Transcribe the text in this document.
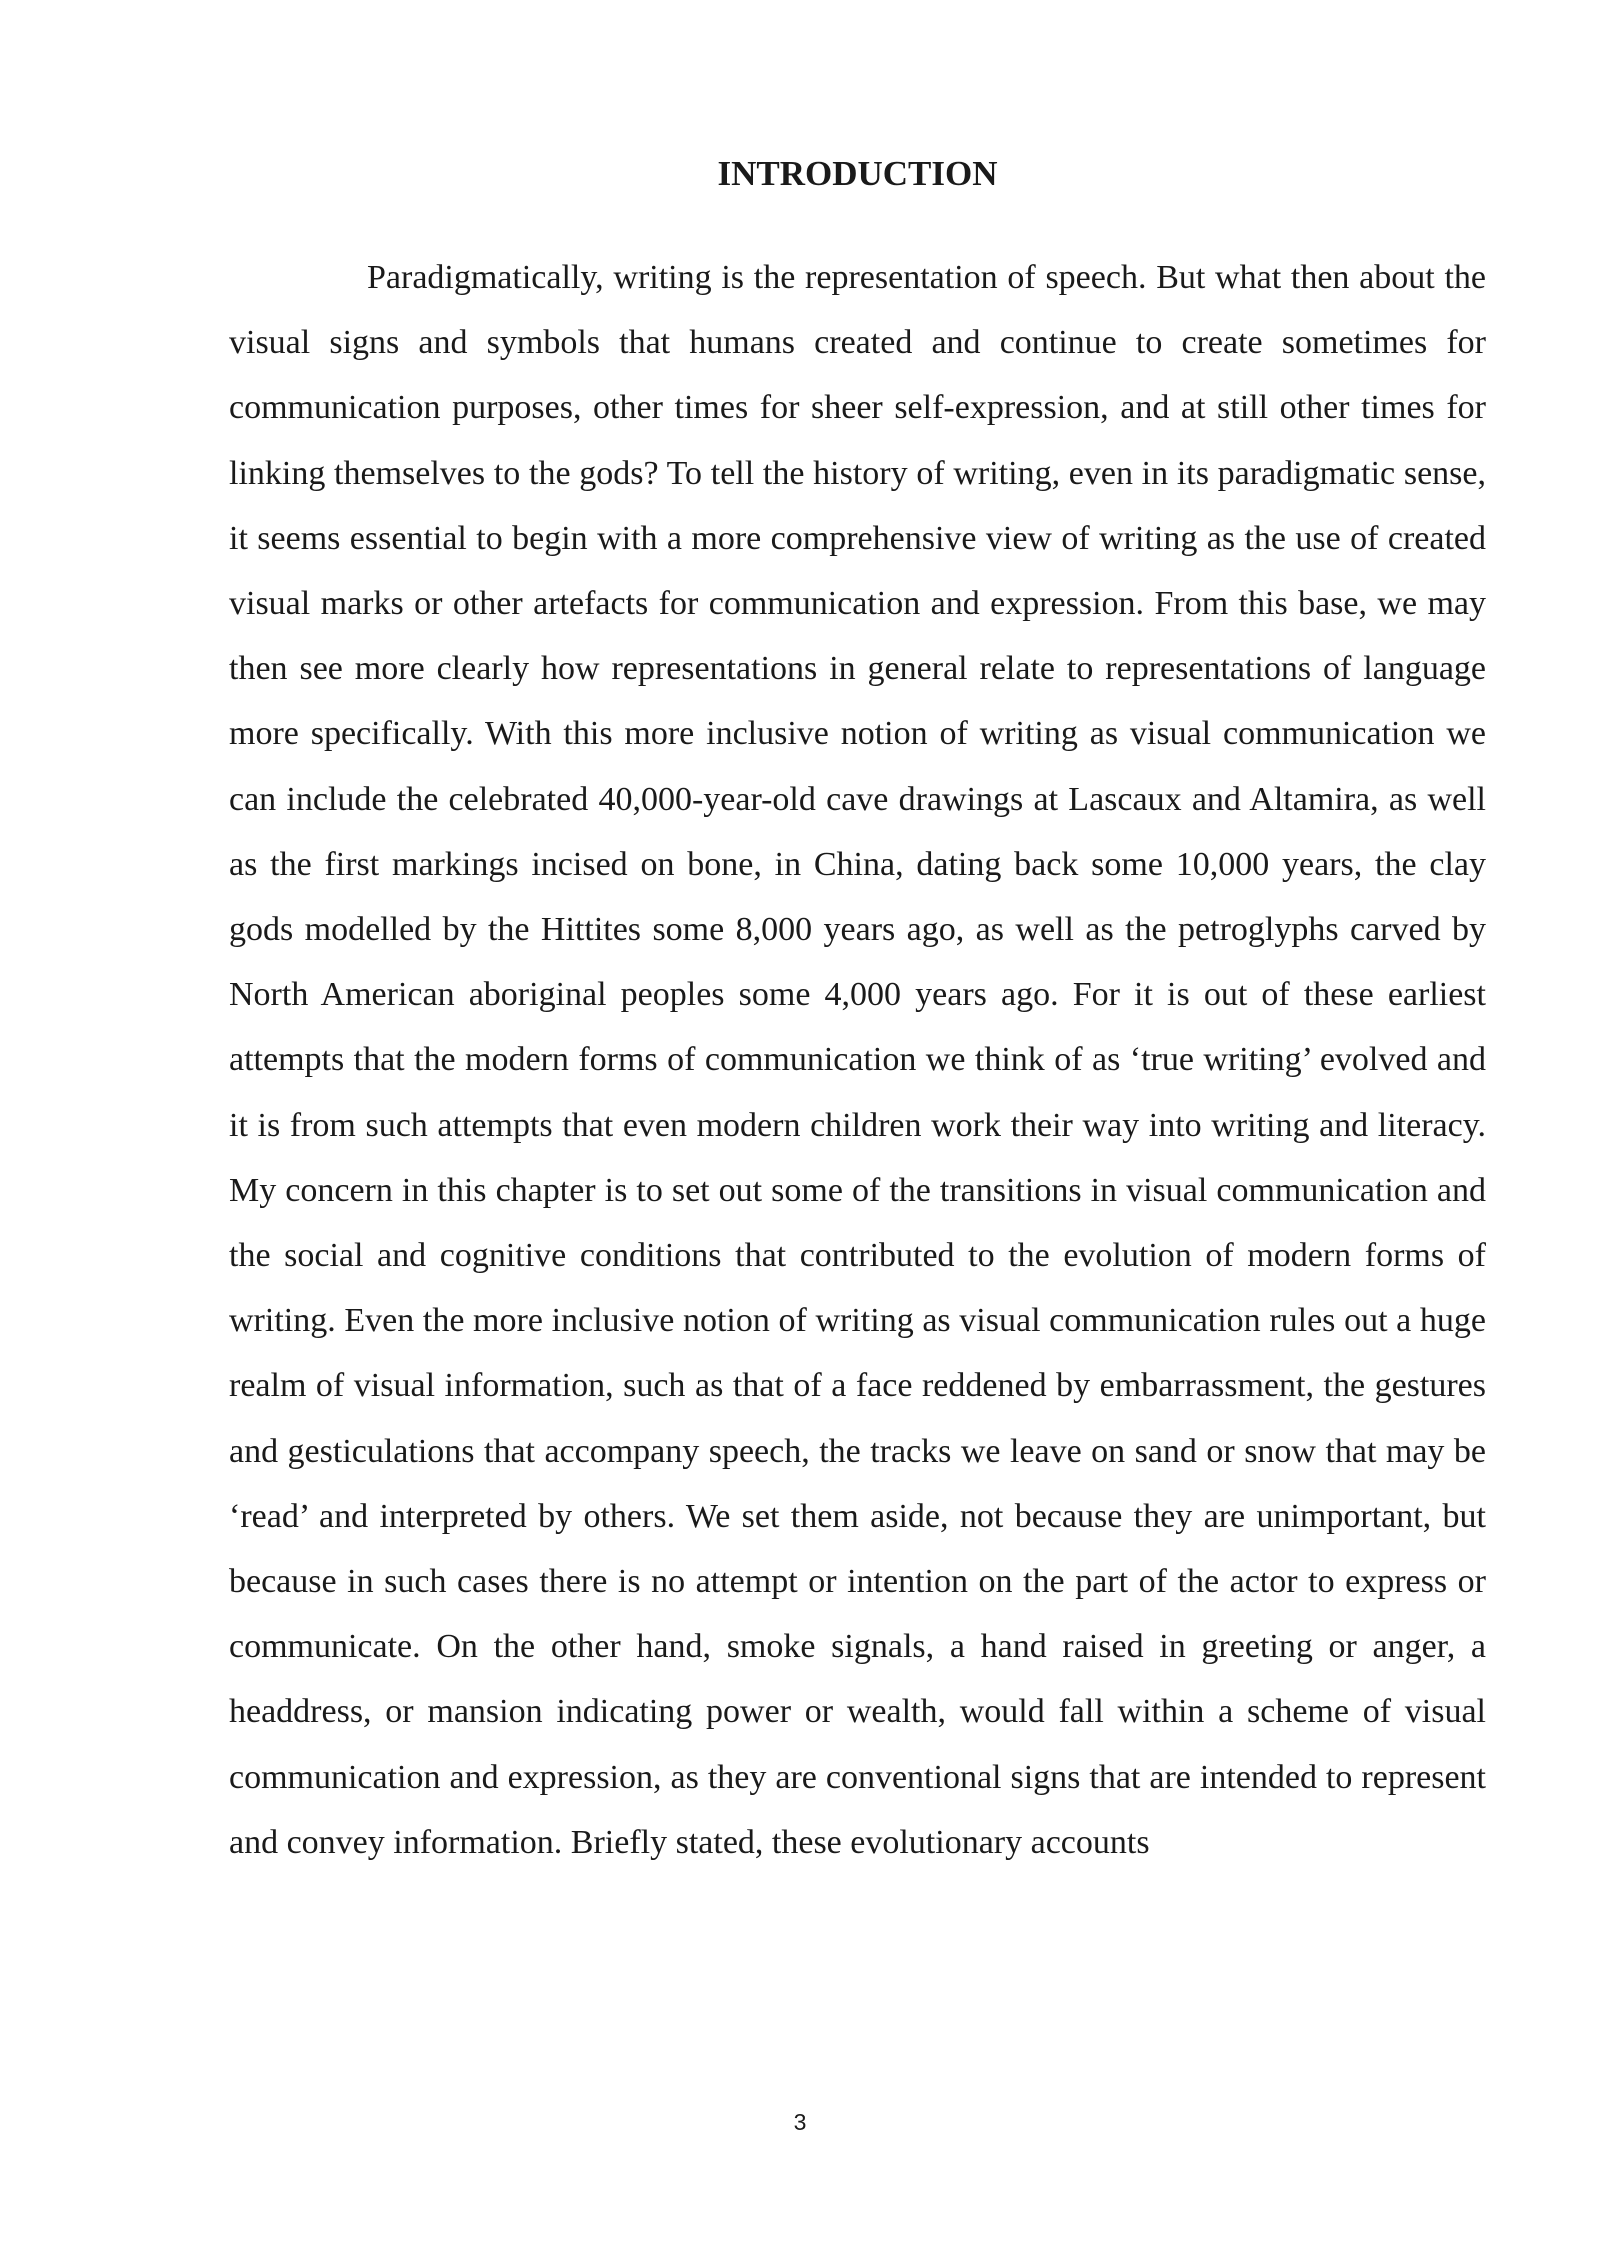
INTRODUCTION

Paradigmatically, writing is the representation of speech. But what then about the visual signs and symbols that humans created and continue to create sometimes for communication purposes, other times for sheer self-expression, and at still other times for linking themselves to the gods? To tell the history of writing, even in its paradigmatic sense, it seems essential to begin with a more comprehensive view of writing as the use of created visual marks or other artefacts for communication and expression. From this base, we may then see more clearly how representations in general relate to representations of language more specifically. With this more inclusive notion of writing as visual communication we can include the celebrated 40,000-year-old cave drawings at Lascaux and Altamira, as well as the first markings incised on bone, in China, dating back some 10,000 years, the clay gods modelled by the Hittites some 8,000 years ago, as well as the petroglyphs carved by North American aboriginal peoples some 4,000 years ago. For it is out of these earliest attempts that the modern forms of communication we think of as ‘true writing’ evolved and it is from such attempts that even modern children work their way into writing and literacy. My concern in this chapter is to set out some of the transitions in visual communication and the social and cognitive conditions that contributed to the evolution of modern forms of writing. Even the more inclusive notion of writing as visual communication rules out a huge realm of visual information, such as that of a face reddened by embarrassment, the gestures and gesticulations that accompany speech, the tracks we leave on sand or snow that may be ‘read’ and interpreted by others. We set them aside, not because they are unimportant, but because in such cases there is no attempt or intention on the part of the actor to express or communicate. On the other hand, smoke signals, a hand raised in greeting or anger, a headdress, or mansion indicating power or wealth, would fall within a scheme of visual communication and expression, as they are conventional signs that are intended to represent and convey information. Briefly stated, these evolutionary accounts

3
